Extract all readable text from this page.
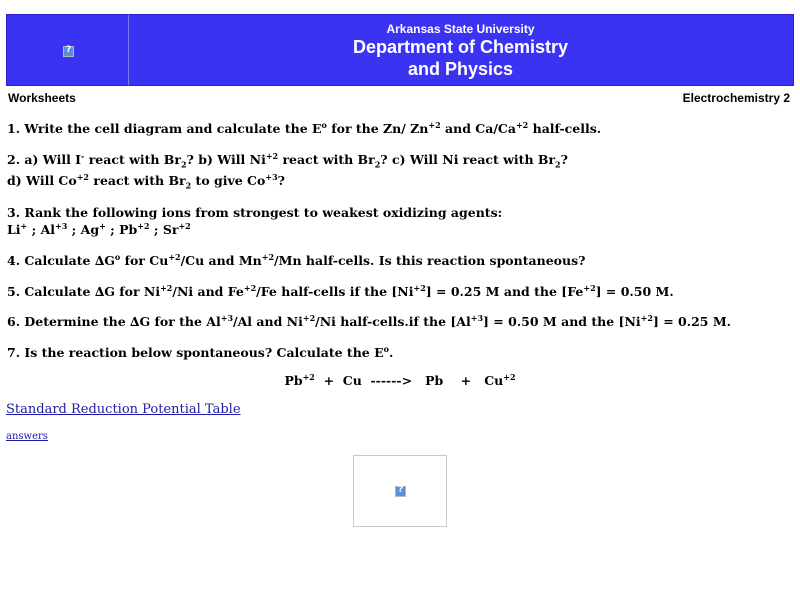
?
Arkansas State University
Department of Chemistry
and Physics
Worksheets	Electrochemistry 2
1. Write the cell diagram and calculate the $E^o$ for the Zn/ $Zn^{+2}$ and $Ca/Ca^{+2}$ half-cells.
2. a) Will I- react with $Br_2$? b) Will $Ni^{+2}$ react with $Br_2$? c) Will Ni react with $Br_2$?
d) Will $Co^{+2}$ react with $Br_2$ to give $Co^{+3}$?
3. Rank the following ions from strongest to weakest oxidizing agents:
Li+ ; $Al^{+3}$ ; Ag+ ; $Pb^{+2}$ ; $Sr^{+2}$
4. Calculate $\Delta G^o$ for $Cu^{+2}/Cu$ and $Mn^{+2}/Mn$ half-cells. Is this reaction spontaneous?
5. Calculate ∆G for $Ni^{+2}/Ni$ and $Fe^{+2}/Fe$ half-cells if the $[Ni^{+2}] = 0.25$ M and the $[Fe^{+2}] = 0.50$ M.
6. Determine the ∆G for the $Al^{+3}/Al$ and $Ni^{+2}/Ni$ half-cells.if the $[Al^{+3}] = 0.50$ M and the $[Ni^{+2}] = 0.25$ M.
7. Is the reaction below spontaneous? Calculate the $E^o$.
$Pb^{+2} + Cu$  ------>   Pb    +   $Cu^{+2}$
Standard Reduction Potential Table
answers
?
